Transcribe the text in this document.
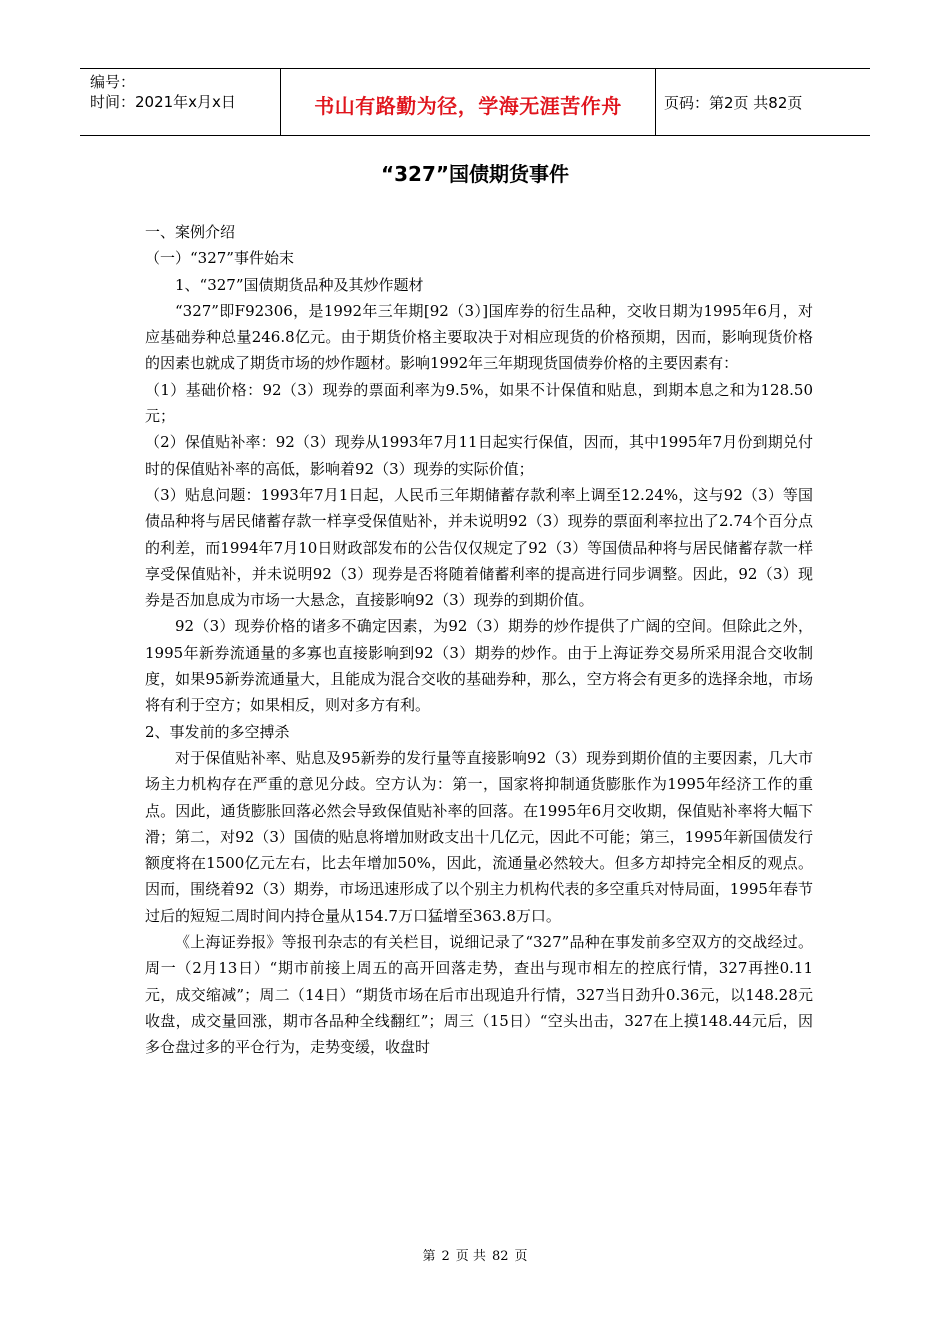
编号：
时间：2021年x月x日	书山有路勤为径，学海无涯苦作舟	页码：第2页 共82页
“327”国债期货事件

一、案例介绍

（一）“327”事件始末

1、“327”国债期货品种及其炒作题材

“327”即F92306，是1992年三年期[92（3）]国库券的衍生品种，交收日期为1995年6月，对应基础券种总量246.8亿元。由于期货价格主要取决于对相应现货的价格预期，因而，影响现货价格的因素也就成了期货市场的炒作题材。影响1992年三年期现货国债券价格的主要因素有：

（1）基础价格：92（3）现券的票面利率为9.5%，如果不计保值和贴息，到期本息之和为128.50元；

（2）保值贴补率：92（3）现券从1993年7月11日起实行保值，因而，其中1995年7月份到期兑付时的保值贴补率的高低，影响着92（3）现券的实际价值；

（3）贴息问题：1993年7月1日起，人民币三年期储蓄存款利率上调至12.24%，这与92（3）等国债品种将与居民储蓄存款一样享受保值贴补，并未说明92（3）现券的票面利率拉出了2.74个百分点的利差，而1994年7月10日财政部发布的公告仅仅规定了92（3）等国债品种将与居民储蓄存款一样享受保值贴补，并未说明92（3）现券是否将随着储蓄利率的提高进行同步调整。因此，92（3）现券是否加息成为市场一大悬念，直接影响92（3）现券的到期价值。

92（3）现券价格的诸多不确定因素，为92（3）期券的炒作提供了广阔的空间。但除此之外，1995年新券流通量的多寡也直接影响到92（3）期券的炒作。由于上海证券交易所采用混合交收制度，如果95新券流通量大，且能成为混合交收的基础券种，那么，空方将会有更多的选择余地，市场将有利于空方；如果相反，则对多方有利。

2、事发前的多空搏杀

对于保值贴补率、贴息及95新券的发行量等直接影响92（3）现券到期价值的主要因素，几大市场主力机构存在严重的意见分歧。空方认为：第一，国家将抑制通货膨胀作为1995年经济工作的重点。因此，通货膨胀回落必然会导致保值贴补率的回落。在1995年6月交收期，保值贴补率将大幅下滑；第二，对92（3）国债的贴息将增加财政支出十几亿元，因此不可能；第三，1995年新国债发行额度将在1500亿元左右，比去年增加50%，因此，流通量必然较大。但多方却持完全相反的观点。因而，围绕着92（3）期券，市场迅速形成了以个别主力机构代表的多空重兵对恃局面，1995年春节过后的短短二周时间内持仓量从154.7万口猛增至363.8万口。

《上海证券报》等报刊杂志的有关栏目，说细记录了“327”品种在事发前多空双方的交战经过。周一（2月13日）“期市前接上周五的高开回落走势，查出与现市相左的控底行情，327再挫0.11元，成交缩减”；周二（14日）“期货市场在后市出现追升行情，327当日劲升0.36元，以148.28元收盘，成交量回涨，期市各品种全线翻红”；周三（15日）“空头出击，327在上摸148.44元后，因多仓盘过多的平仓行为，走势变缓，收盘时

第 2 页 共 82 页
